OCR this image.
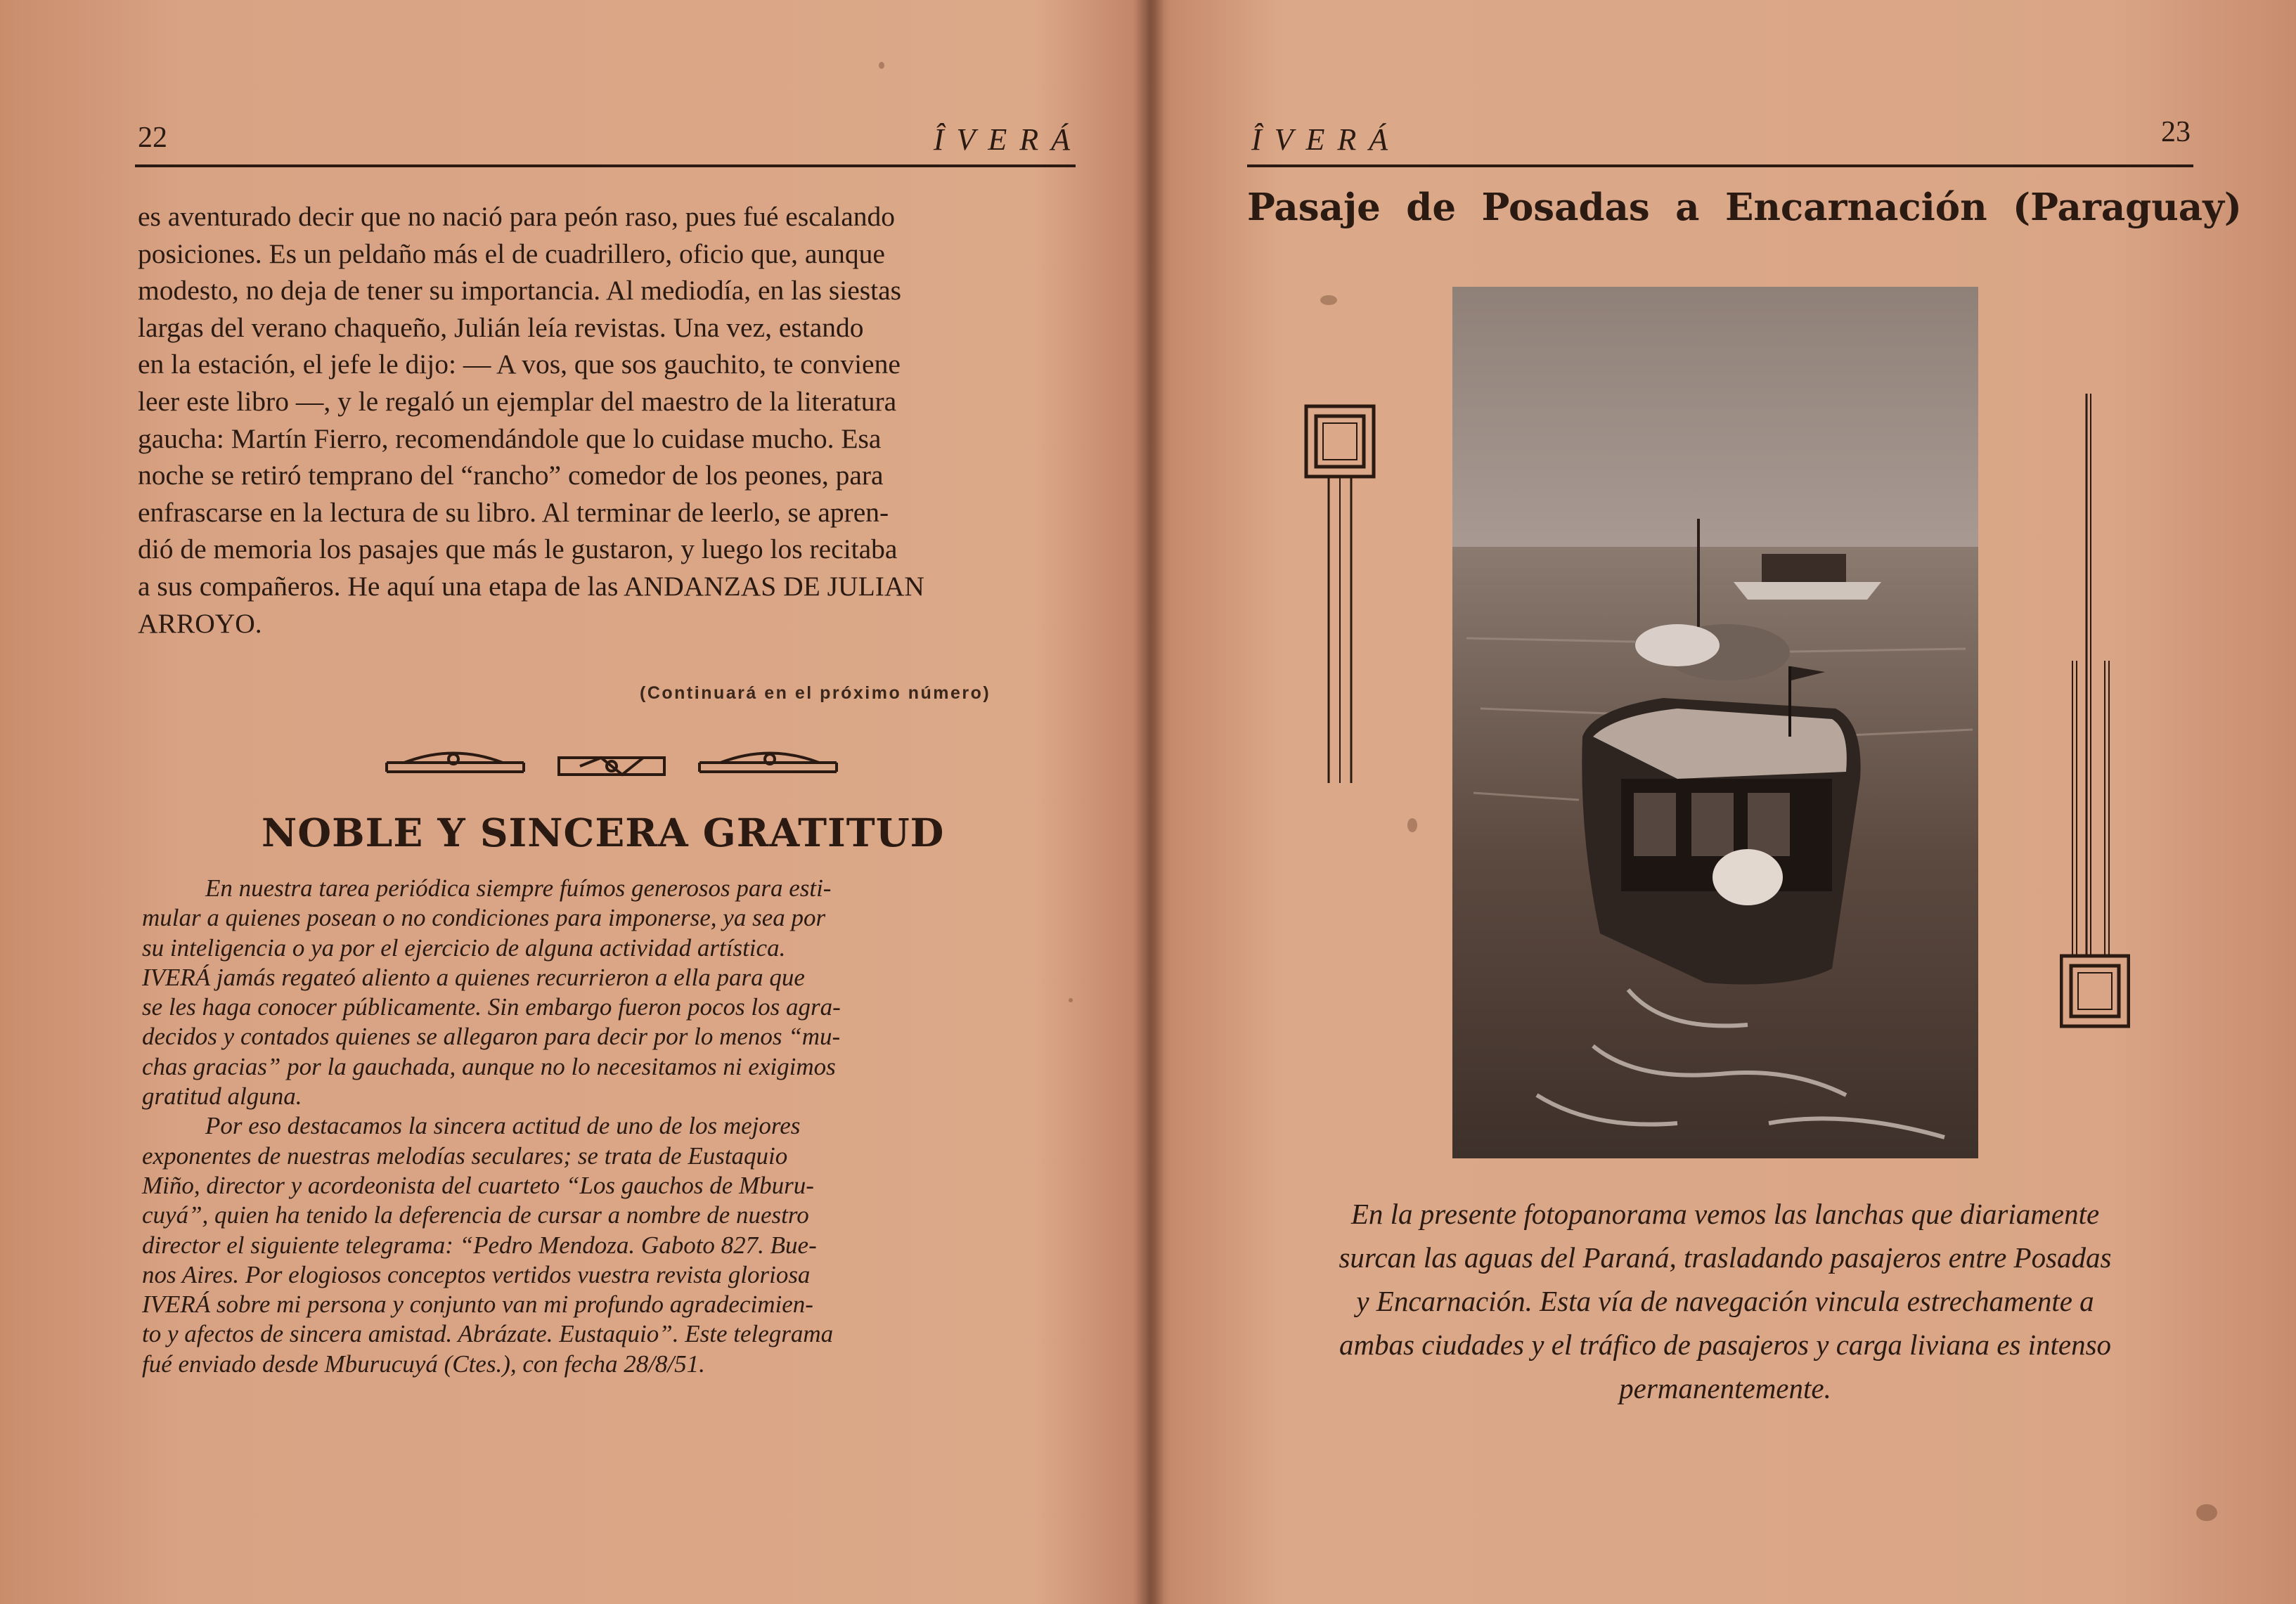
22	ÎVERÁ
es aventurado decir que no nació para peón raso, pues fué escalando
posiciones. Es un peldaño más el de cuadrillero, oficio que, aunque
modesto, no deja de tener su importancia. Al mediodía, en las siestas
largas del verano chaqueño, Julián leía revistas. Una vez, estando
en la estación, el jefe le dijo: — A vos, que sos gauchito, te conviene
leer este libro —, y le regaló un ejemplar del maestro de la literatura
gaucha: Martín Fierro, recomendándole que lo cuidase mucho. Esa
noche se retiró temprano del “rancho” comedor de los peones, para
enfrascarse en la lectura de su libro. Al terminar de leerlo, se apren-
dió de memoria los pasajes que más le gustaron, y luego los recitaba
a sus compañeros. He aquí una etapa de las ANDANZAS DE JULIAN
ARROYO.
(Continuará en el próximo número)
NOBLE Y SINCERA GRATITUD
En nuestra tarea periódica siempre fuímos generosos para esti-
mular a quienes posean o no condiciones para imponerse, ya sea por
su inteligencia o ya por el ejercicio de alguna actividad artística.
IVERÁ jamás regateó aliento a quienes recurrieron a ella para que
se les haga conocer públicamente. Sin embargo fueron pocos los agra-
decidos y contados quienes se allegaron para decir por lo menos “mu-
chas gracias” por la gauchada, aunque no lo necesitamos ni exigimos
gratitud alguna.
Por eso destacamos la sincera actitud de uno de los mejores
exponentes de nuestras melodías seculares; se trata de Eustaquio
Miño, director y acordeonista del cuarteto “Los gauchos de Mburu-
cuyá”, quien ha tenido la deferencia de cursar a nombre de nuestro
director el siguiente telegrama: “Pedro Mendoza. Gaboto 827. Bue-
nos Aires. Por elogiosos conceptos vertidos vuestra revista gloriosa
IVERÁ sobre mi persona y conjunto van mi profundo agradecimien-
to y afectos de sincera amistad. Abrázate. Eustaquio”. Este telegrama
fué enviado desde Mburucuyá (Ctes.), con fecha 28/8/51.
ÎVERÁ	23
Pasaje de Posadas a Encarnación (Paraguay)
En la presente fotopanorama vemos las lanchas que diariamente
surcan las aguas del Paraná, trasladando pasajeros entre Posadas
y Encarnación. Esta vía de navegación vincula estrechamente a
ambas ciudades y el tráfico de pasajeros y carga liviana es intenso
permanentemente.
